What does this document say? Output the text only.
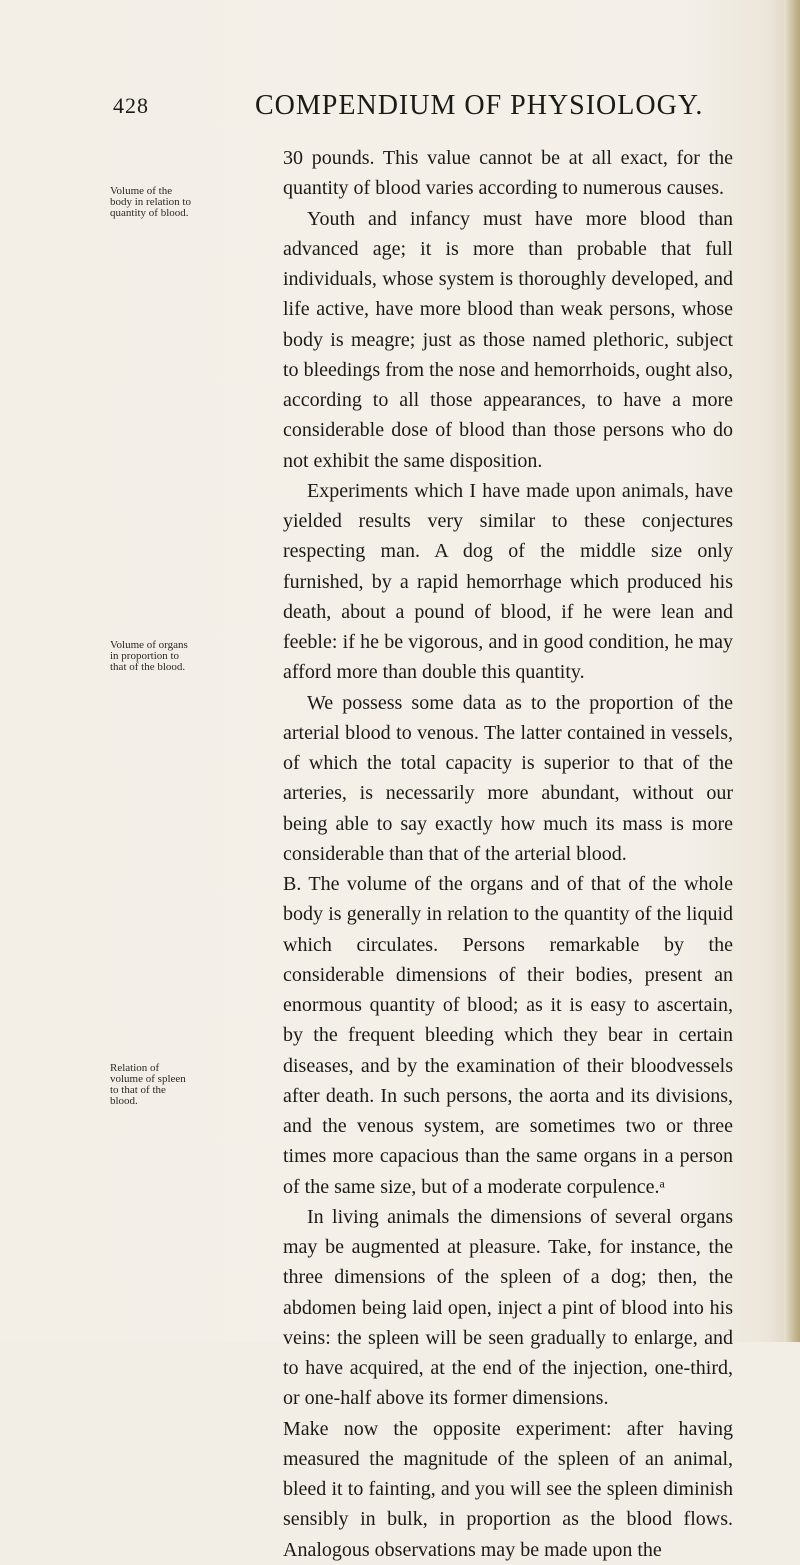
428	COMPENDIUM OF PHYSIOLOGY.
Volume of the body in relation to quantity of blood.
Volume of organs in proportion to that of the blood.
Relation of volume of spleen to that of the blood.

30 pounds. This value cannot be at all exact, for the quantity of blood varies according to numerous causes.

Youth and infancy must have more blood than advanced age; it is more than probable that full individuals, whose system is thoroughly developed, and life active, have more blood than weak persons, whose body is meagre; just as those named plethoric, subject to bleedings from the nose and hemorrhoids, ought also, according to all those appearances, to have a more considerable dose of blood than those persons who do not exhibit the same disposition.

Experiments which I have made upon animals, have yielded results very similar to these conjectures respecting man. A dog of the middle size only furnished, by a rapid hemorrhage which produced his death, about a pound of blood, if he were lean and feeble: if he be vigorous, and in good condition, he may afford more than double this quantity.

We possess some data as to the proportion of the arterial blood to venous. The latter contained in vessels, of which the total capacity is superior to that of the arteries, is necessarily more abundant, without our being able to say exactly how much its mass is more considerable than that of the arterial blood.

B. The volume of the organs and of that of the whole body is generally in relation to the quantity of the liquid which circulates. Persons remarkable by the considerable dimensions of their bodies, present an enormous quantity of blood; as it is easy to ascertain, by the frequent bleeding which they bear in certain diseases, and by the examination of their bloodvessels after death. In such persons, the aorta and its divisions, and the venous system, are sometimes two or three times more capacious than the same organs in a person of the same size, but of a moderate corpulence.ᵃ

In living animals the dimensions of several organs may be augmented at pleasure. Take, for instance, the three dimensions of the spleen of a dog; then, the abdomen being laid open, inject a pint of blood into his veins: the spleen will be seen gradually to enlarge, and to have acquired, at the end of the injection, one-third, or one-half above its former dimensions.

Make now the opposite experiment: after having measured the magnitude of the spleen of an animal, bleed it to fainting, and you will see the spleen diminish sensibly in bulk, in proportion as the blood flows. Analogous observations may be made upon the
